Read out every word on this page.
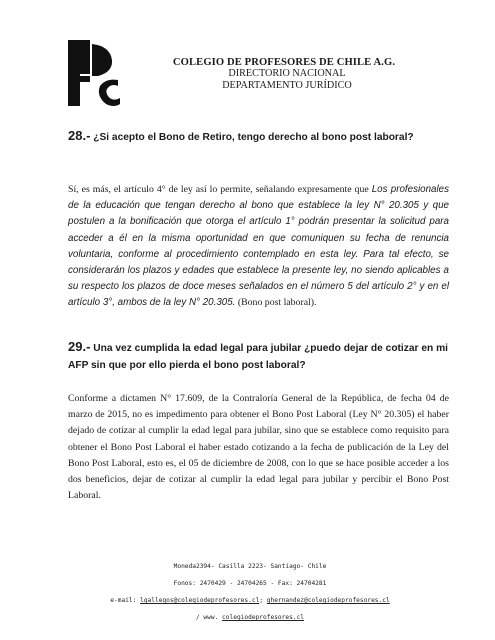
COLEGIO DE PROFESORES DE CHILE A.G.
DIRECTORIO NACIONAL
DEPARTAMENTO JURÍDICO
28.- ¿Si acepto el Bono de Retiro, tengo derecho al bono post laboral?
Sí, es más, el artículo 4° de ley así lo permite, señalando expresamente que Los profesionales de la educación que tengan derecho al bono que establece la ley N° 20.305 y que postulen a la bonificación que otorga el artículo 1° podrán presentar la solicitud para acceder a él en la misma oportunidad en que comuniquen su fecha de renuncia voluntaria, conforme al procedimiento contemplado en esta ley. Para tal efecto, se considerarán los plazos y edades que establece la presente ley, no siendo aplicables a su respecto los plazos de doce meses señalados en el número 5 del artículo 2° y en el artículo 3°, ambos de la ley N° 20.305. (Bono post laboral).
29.- Una vez cumplida la edad legal para jubilar ¿puedo dejar de cotizar en mi AFP sin que por ello pierda el bono post laboral?
Conforme a dictamen N° 17.609, de la Contraloría General de la República, de fecha 04 de marzo de 2015, no es impedimento para obtener el Bono Post Laboral (Ley N° 20.305) el haber dejado de cotizar al cumplir la edad legal para jubilar, sino que se establece como requisito para obtener el Bono Post Laboral el haber estado cotizando a la fecha de publicación de la Ley del Bono Post Laboral, esto es, el 05 de diciembre de 2008, con lo que se hace posible acceder a los dos beneficios, dejar de cotizar al cumplir la edad legal para jubilar y percibir el Bono Post Laboral.
Moneda2394- Casilla 2223- Santiago- Chile
Fonos: 2470429 - 24704265 - Fax: 24704281
e-mail: lgallegos@colegiodeprofesores.cl; ghernandez@colegiodeprofesores.cl
/ www. colegiodeprofesores.cl
